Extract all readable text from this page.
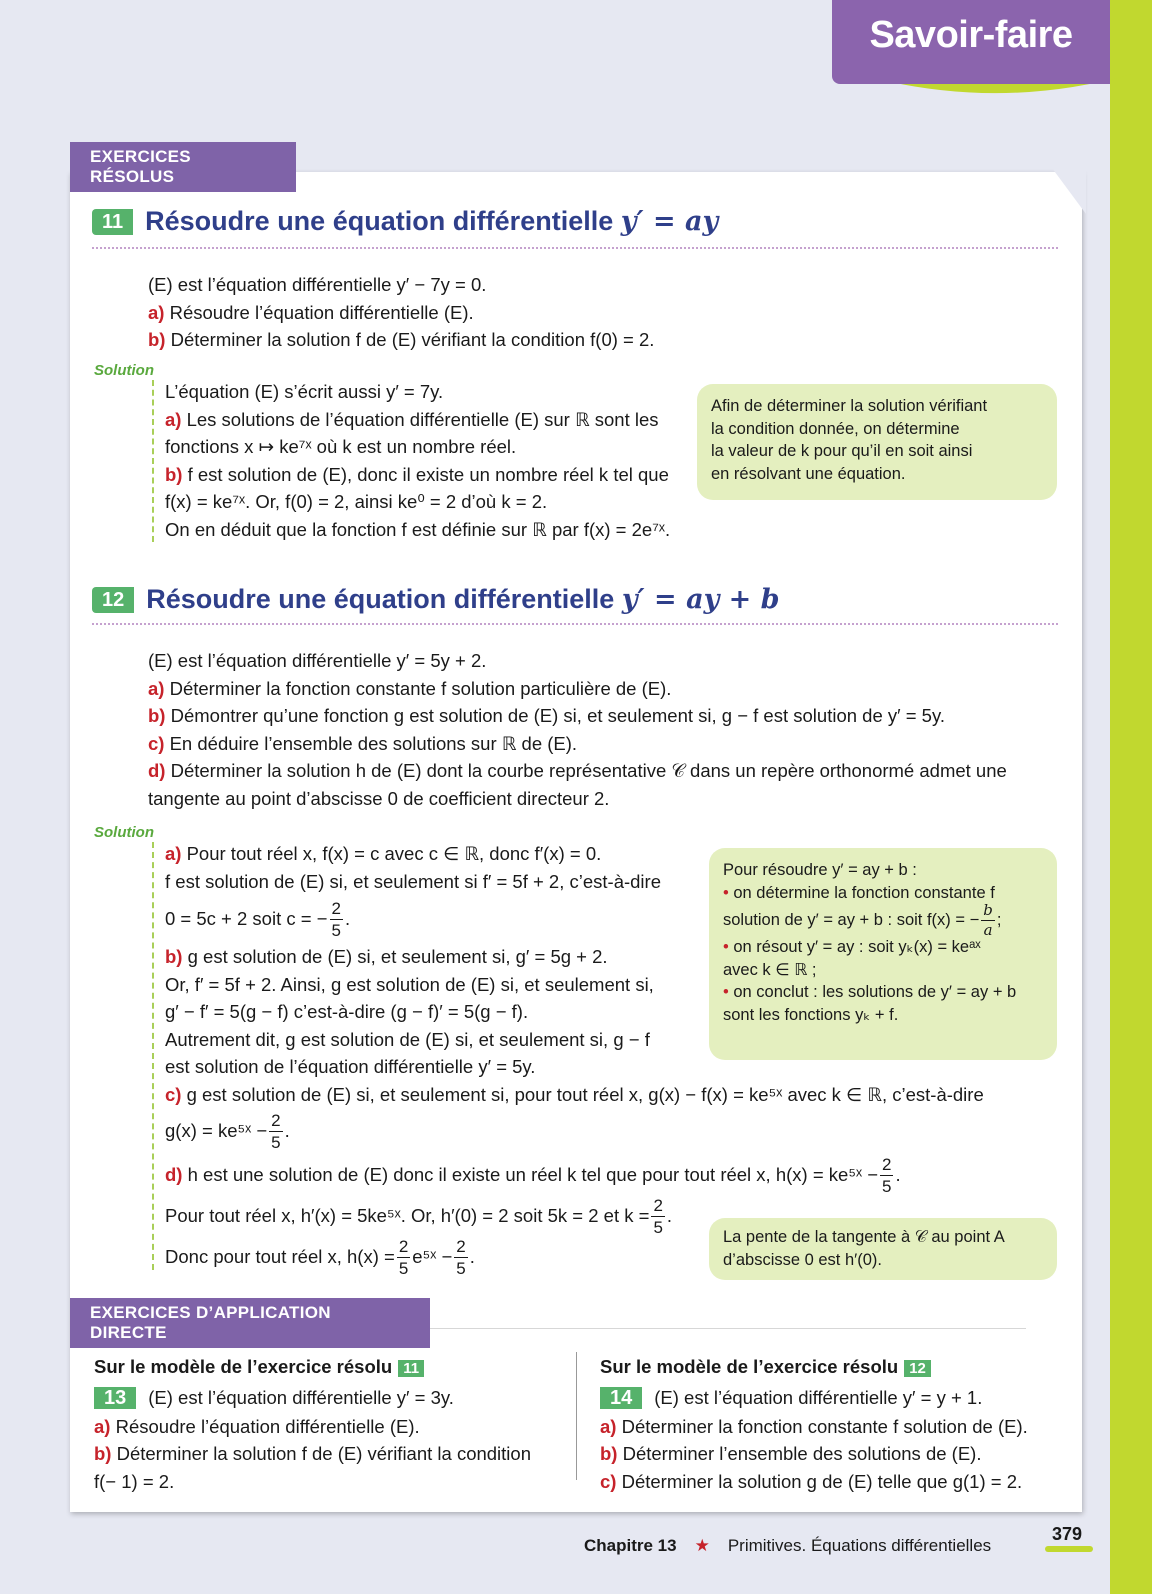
Savoir-faire
EXERCICES RÉSOLUS
11 Résoudre une équation différentielle y′ = ay

(E) est l’équation différentielle y′ − 7y = 0.

a) Résoudre l’équation différentielle (E).

b) Déterminer la solution f de (E) vérifiant la condition f(0) = 2.

Solution

L’équation (E) s’écrit aussi y′ = 7y.

a) Les solutions de l’équation différentielle (E) sur ℝ sont les

fonctions x ↦ ke⁷ˣ où k est un nombre réel.

b) f est solution de (E), donc il existe un nombre réel k tel que

f(x) = ke⁷ˣ. Or, f(0) = 2, ainsi ke⁰ = 2 d’où k = 2.

On en déduit que la fonction f est définie sur ℝ par f(x) = 2e⁷ˣ.

Afin de déterminer la solution vérifiant
la condition donnée, on détermine
la valeur de k pour qu’il en soit ainsi
en résolvant une équation.
12 Résoudre une équation différentielle y′ = ay + b

(E) est l’équation différentielle y′ = 5y + 2.

a) Déterminer la fonction constante f solution particulière de (E).

b) Démontrer qu’une fonction g est solution de (E) si, et seulement si, g − f est solution de y′ = 5y.

c) En déduire l’ensemble des solutions sur ℝ de (E).

d) Déterminer la solution h de (E) dont la courbe représentative 𝒞 dans un repère orthonormé admet une

tangente au point d’abscisse 0 de coefficient directeur 2.

Solution

a) Pour tout réel x, f(x) = c avec c ∈ ℝ, donc f′(x) = 0.

f est solution de (E) si, et seulement si f′ = 5f + 2, c’est-à-dire

0 = 5c + 2 soit c = − $\frac{2}{5}$ .

b) g est solution de (E) si, et seulement si, g′ = 5g + 2.

Or, f′ = 5f + 2. Ainsi, g est solution de (E) si, et seulement si,

g′ − f′ = 5(g − f) c’est-à-dire (g − f)′ = 5(g − f).

Autrement dit, g est solution de (E) si, et seulement si, g − f

est solution de l’équation différentielle y′ = 5y.

c) g est solution de (E) si, et seulement si, pour tout réel x, g(x) − f(x) = ke⁵ˣ avec k ∈ ℝ, c’est-à-dire

g(x) = ke⁵ˣ − $\frac{2}{5}$ .

d)
h est une solution de (E) donc il existe un réel k tel que pour tout réel x, h(x) = ke⁵ˣ − $\frac{2}{5}$ .

Pour tout réel x, h′(x) = 5ke⁵ˣ. Or, h′(0) = 2 soit 5k = 2 et $k = \frac{2}{5}$ .

Donc pour tout réel x, $h(x) = \frac{2}{5}$ e⁵ˣ − $\frac{2}{5}$ .

Pour résoudre y′ = ay + b :
• on détermine la fonction constante f
solution de y′ = ay + b : soit f(x) = − $\frac{b}{a}$ ;
• on résout y′ = ay : soit yₖ(x) = keᵃˣ
avec k ∈ ℝ ;
• on conclut : les solutions de y′ = ay + b
sont les fonctions yₖ + f.
La pente de la tangente à 𝒞 au point A
d’abscisse 0 est h′(0).
EXERCICES D’APPLICATION DIRECTE
Sur le modèle de l’exercice résolu 11

13 (E) est l’équation différentielle y′ = 3y.

a) Résoudre l’équation différentielle (E).

b) Déterminer la solution f de (E) vérifiant la condition

f(− 1) = 2.

Sur le modèle de l’exercice résolu 12

14 (E) est l’équation différentielle y′ = y + 1.

a) Déterminer la fonction constante f solution de (E).

b) Déterminer l’ensemble des solutions de (E).

c) Déterminer la solution g de (E) telle que g(1) = 2.

Chapitre 13 ★ Primitives. Équations différentielles
379
